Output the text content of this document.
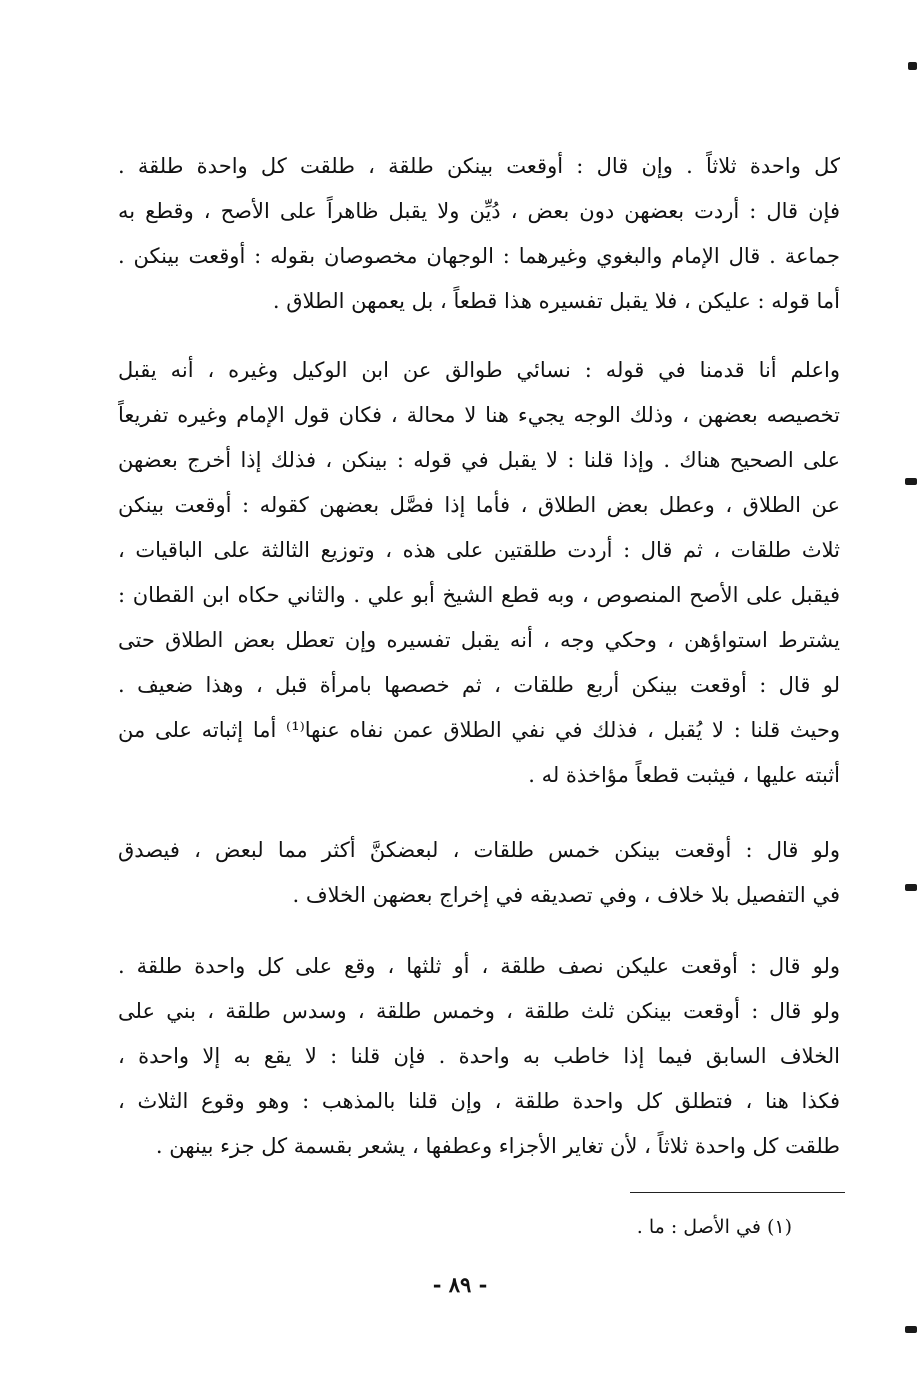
كل واحدة ثلاثاً . وإن قال : أوقعت بينكن طلقة ، طلقت كل واحدة طلقة .
فإن قال : أردت بعضهن دون بعض ، دُيِّن ولا يقبل ظاهراً على الأصح ، وقطع به
جماعة . قال الإمام والبغوي وغيرهما : الوجهان مخصوصان بقوله : أوقعت بينكن .
أما قوله : عليكن ، فلا يقبل تفسيره هذا قطعاً ، بل يعمهن الطلاق .
واعلم أنا قدمنا في قوله : نسائي طوالق عن ابن الوكيل وغيره ، أنه يقبل
تخصيصه بعضهن ، وذلك الوجه يجيء هنا لا محالة ، فكان قول الإمام وغيره تفريعاً
على الصحيح هناك . وإذا قلنا : لا يقبل في قوله : بينكن ، فذلك إذا أخرج بعضهن
عن الطلاق ، وعطل بعض الطلاق ، فأما إذا فصَّل بعضهن كقوله : أوقعت بينكن
ثلاث طلقات ، ثم قال : أردت طلقتين على هذه ، وتوزيع الثالثة على الباقيات ،
فيقبل على الأصح المنصوص ، وبه قطع الشيخ أبو علي . والثاني حكاه ابن القطان :
يشترط استواؤهن ، وحكي وجه ، أنه يقبل تفسيره وإن تعطل بعض الطلاق حتى
لو قال : أوقعت بينكن أربع طلقات ، ثم خصصها بامرأة قبل ، وهذا ضعيف .
وحيث قلنا : لا يُقبل ، فذلك في نفي الطلاق عمن نفاه عنها⁽¹⁾ أما إثباته على من
أثبته عليها ، فيثبت قطعاً مؤاخذة له .
ولو قال : أوقعت بينكن خمس طلقات ، لبعضكنَّ أكثر مما لبعض ، فيصدق
في التفصيل بلا خلاف ، وفي تصديقه في إخراج بعضهن الخلاف .
ولو قال : أوقعت عليكن نصف طلقة ، أو ثلثها ، وقع على كل واحدة طلقة .
ولو قال : أوقعت بينكن ثلث طلقة ، وخمس طلقة ، وسدس طلقة ، بني على
الخلاف السابق فيما إذا خاطب به واحدة . فإن قلنا : لا يقع به إلا واحدة ،
فكذا هنا ، فتطلق كل واحدة طلقة ، وإن قلنا بالمذهب : وهو وقوع الثلاث ،
طلقت كل واحدة ثلاثاً ، لأن تغاير الأجزاء وعطفها ، يشعر بقسمة كل جزء بينهن .
(١) في الأصل : ما .
- ٨٩ -
